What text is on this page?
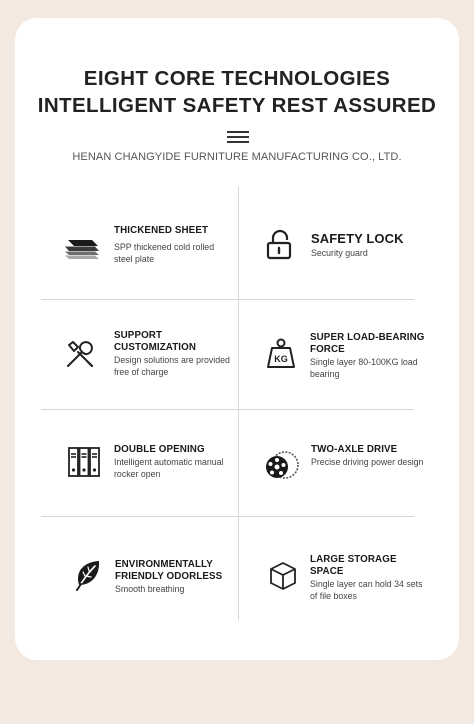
EIGHT CORE TECHNOLOGIES
INTELLIGENT SAFETY REST ASSURED
HENAN CHANGYIDE FURNITURE MANUFACTURING CO., LTD.
THICKENED SHEET
SPP thickened cold rolled steel plate
SAFETY LOCK
Security guard
SUPPORT CUSTOMIZATION
Design solutions are provided free of charge
KG
SUPER LOAD-BEARING FORCE
Single layer 80-100KG load bearing
DOUBLE OPENING
Intelligent automatic manual rocker open
TWO-AXLE DRIVE
Precise driving power design
ENVIRONMENTALLY FRIENDLY ODORLESS
Smooth breathing
LARGE STORAGE SPACE
Single layer can hold 34 sets of file boxes
